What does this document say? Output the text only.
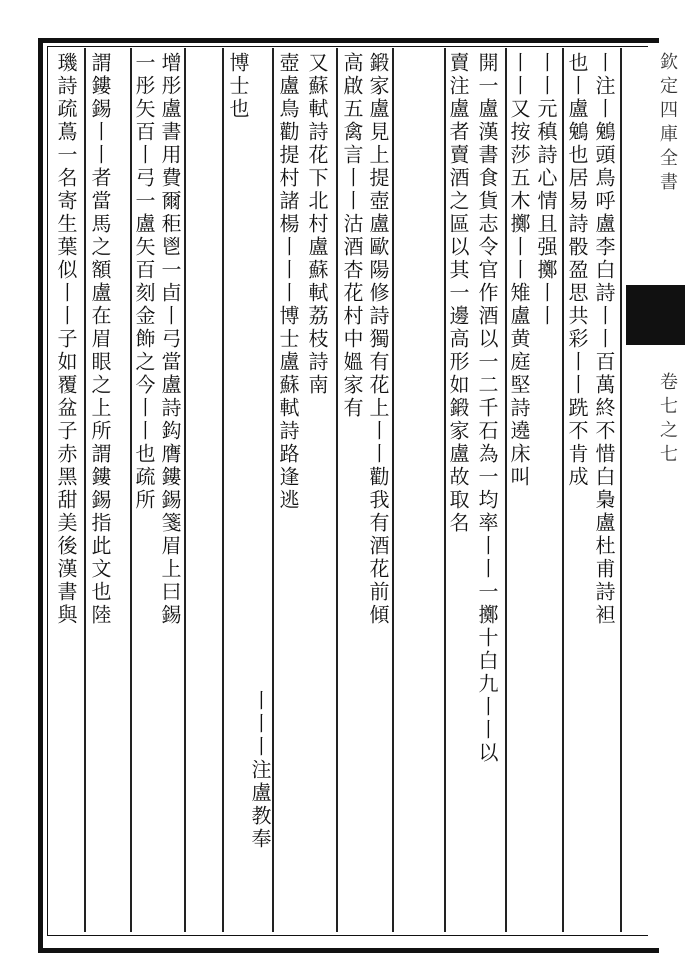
欽定四庫全書
卷七之七
丨注丨鵵頭鳥呼盧李白詩丨丨百萬終不惜白梟盧杜甫詩袒
也丨盧鵵也居易詩骰盈思共彩丨丨跣不肯成
丨丨元稹詩心情且强擲丨丨
丨丨又按莎五木擲丨丨雉盧黄庭堅詩遶床叫
開一盧漢書食貨志令官作酒以一二千石為一均率丨丨一擲十白九丨丨以
賣注盧者賣酒之區以其一邊高形如鍛家盧故取名
鍛家盧見上提壺盧歐陽修詩獨有花上丨丨勸我有酒花前傾
高啟五禽言丨丨沽酒杏花村中媼家有
又蘇軾詩花下北村盧蘇軾荔枝詩南
壺盧鳥勸提村諸楊丨丨丨博士盧蘇軾詩路逢逃
丨丨丨注盧教奉
博士也
增彤盧書用費爾秬鬯一卣丨弓當盧詩鈎膺鏤錫箋眉上曰錫
一彤矢百丨弓一盧矢百刻金飾之今丨丨也疏所
謂鏤錫丨丨者當馬之額盧在眉眼之上所謂鏤錫指此文也陸
璣詩疏蔦一名寄生葉似丨丨子如覆盆子赤黑甜美後漢書與
